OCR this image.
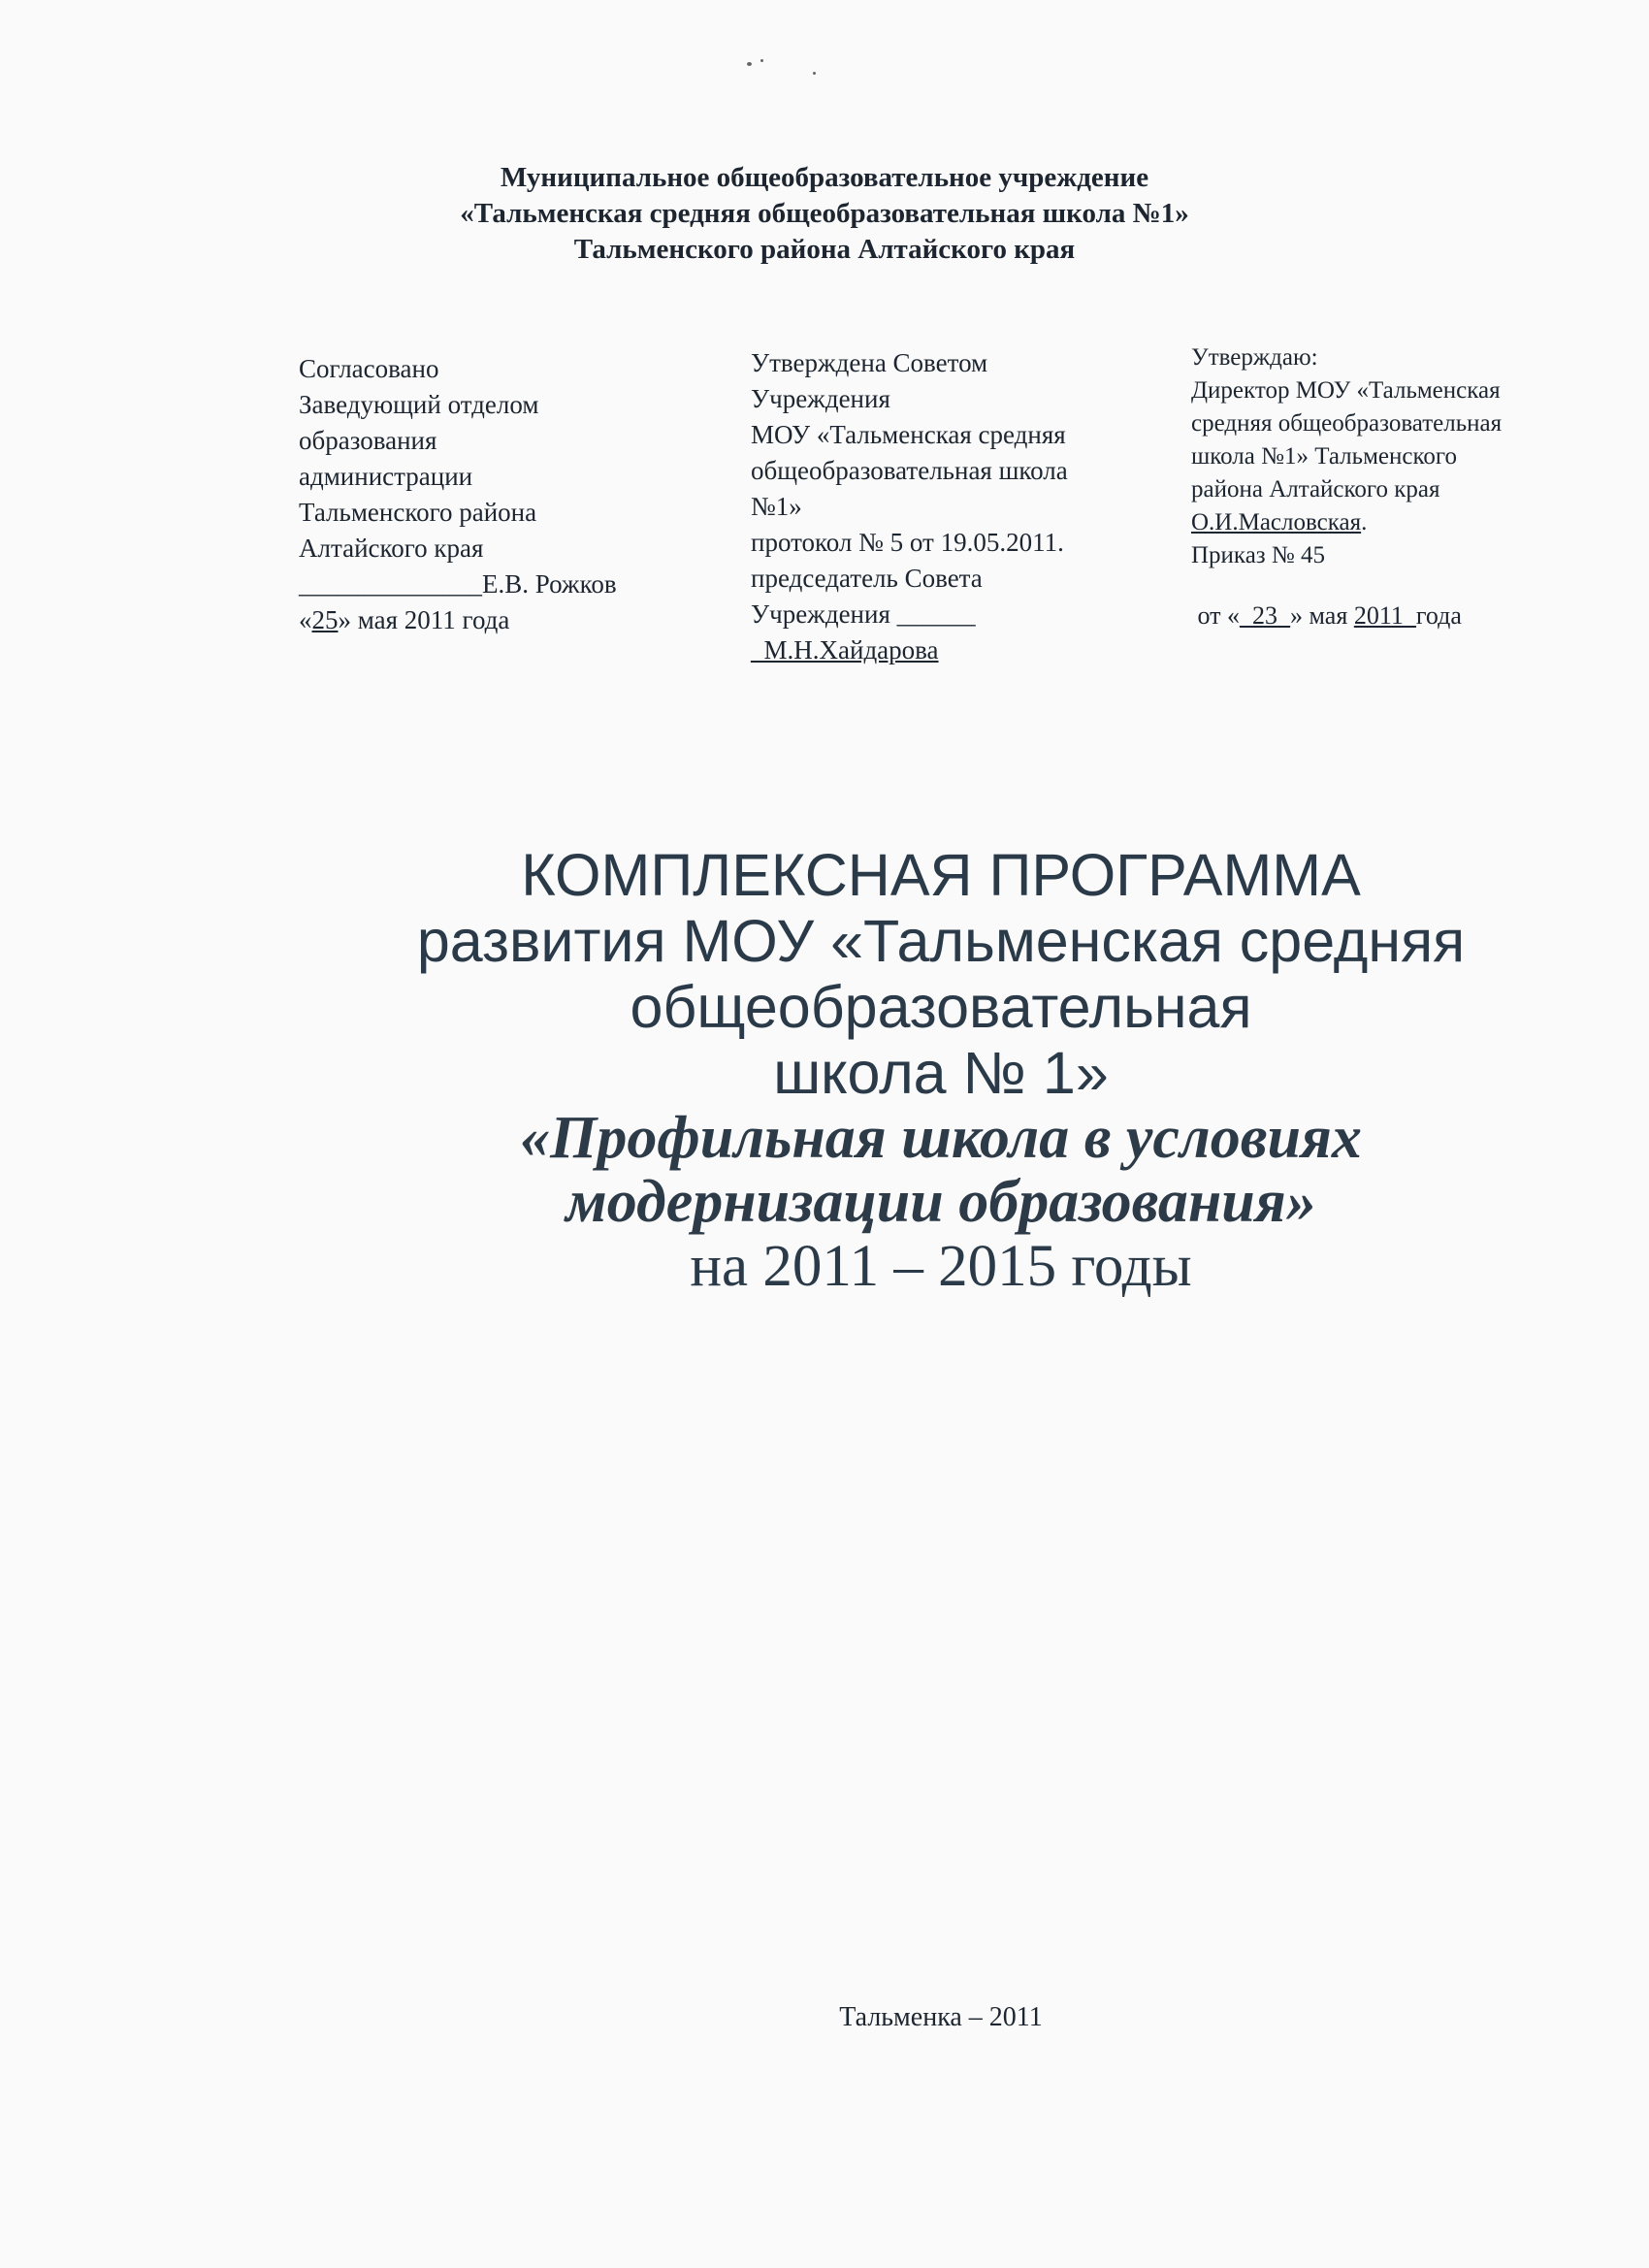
Муниципальное общеобразовательное учреждение
«Тальменская средняя общеобразовательная школа №1»
Тальменского района Алтайского края
Согласовано
Заведующий отделом
образования
администрации
Тальменского района
Алтайского края
______________Е.В. Рожков
«25» мая 2011 года
Утверждена Советом
Учреждения
МОУ «Тальменская средняя
общеобразовательная школа
№1»
протокол № 5 от 19.05.2011.
председатель Совета
Учреждения ______
_М.Н.Хайдарова
Утверждаю:
Директор МОУ «Тальменская
средняя общеобразовательная
школа №1» Тальменского
района Алтайского края
О.И.Масловская.
Приказ № 45
от «_23_» мая 2011_года
КОМПЛЕКСНАЯ ПРОГРАММА
развития МОУ «Тальменская средняя
общеобразовательная
школа № 1»
«Профильная школа в условиях
модернизации образования»
на 2011 – 2015 годы
Тальменка – 2011
